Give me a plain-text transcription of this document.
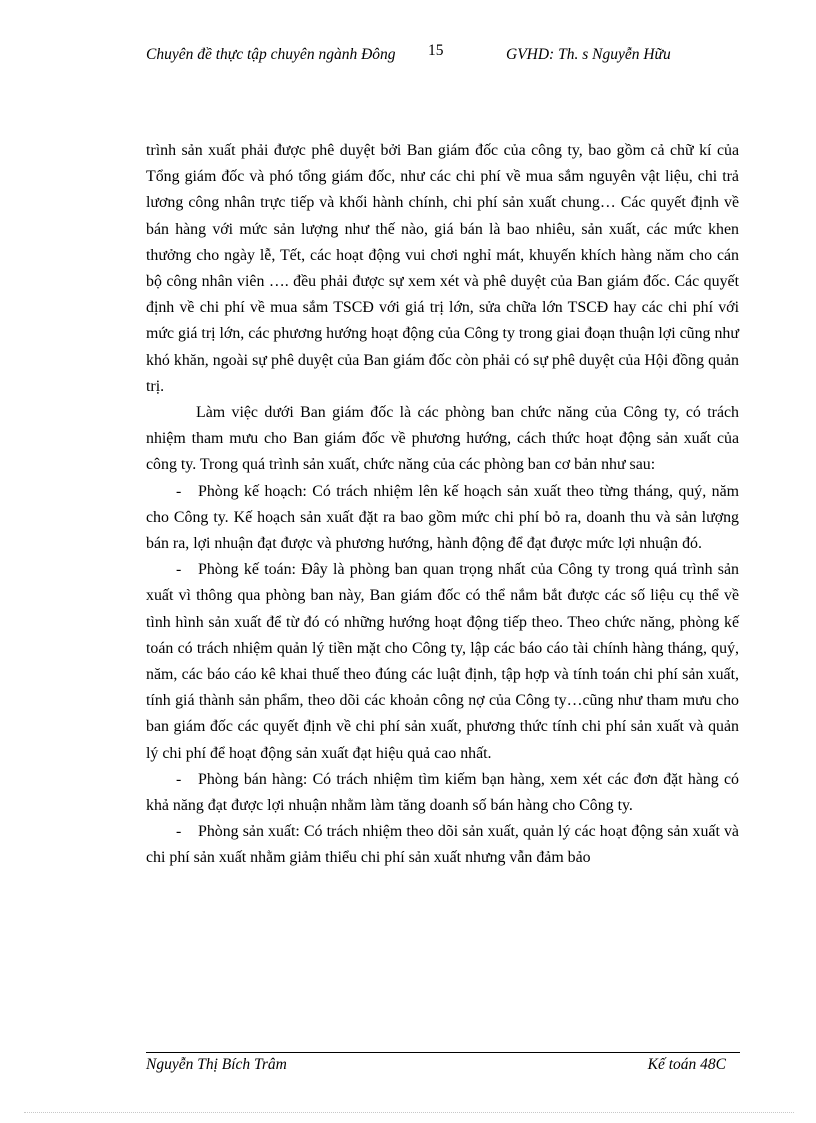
Chuyên đề thực tập chuyên ngành Đông	15	GVHD: Th. s Nguyễn Hữu

trình sản xuất phải được phê duyệt bởi Ban giám đốc của công ty, bao gồm cả chữ kí của Tổng giám đốc và phó tổng giám đốc, như các chi phí về mua sắm nguyên vật liệu, chi trả lương công nhân trực tiếp và khối hành chính, chi phí sản xuất chung… Các quyết định về bán hàng với mức sản lượng như thế nào, giá bán là bao nhiêu, sản xuất, các mức khen thưởng cho ngày lễ, Tết, các hoạt động vui chơi nghỉ mát, khuyến khích hàng năm cho cán bộ công nhân viên …. đều phải được sự xem xét và phê duyệt của Ban giám đốc. Các quyết định về chi phí về mua sắm TSCĐ với giá trị lớn, sửa chữa lớn TSCĐ hay các chi phí với mức giá trị lớn, các phương hướng hoạt động của Công ty trong giai đoạn thuận lợi cũng như khó khăn, ngoài sự phê duyệt của Ban giám đốc còn phải có sự phê duyệt của Hội đồng quản trị.

Làm việc dưới Ban giám đốc là các phòng ban chức năng của Công ty, có trách nhiệm tham mưu cho Ban giám đốc về phương hướng, cách thức hoạt động sản xuất của công ty. Trong quá trình sản xuất, chức năng của các phòng ban cơ bản như sau:

- Phòng kế hoạch: Có trách nhiệm lên kế hoạch sản xuất theo từng tháng, quý, năm cho Công ty. Kế hoạch sản xuất đặt ra bao gồm mức chi phí bỏ ra, doanh thu và sản lượng bán ra, lợi nhuận đạt được và phương hướng, hành động để đạt được mức lợi nhuận đó.

- Phòng kế toán: Đây là phòng ban quan trọng nhất của Công ty trong quá trình sản xuất vì thông qua phòng ban này, Ban giám đốc có thể nắm bắt được các số liệu cụ thể về tình hình sản xuất để từ đó có những hướng hoạt động tiếp theo. Theo chức năng, phòng kế toán có trách nhiệm quản lý tiền mặt cho Công ty, lập các báo cáo tài chính hàng tháng, quý, năm, các báo cáo kê khai thuế theo đúng các luật định, tập hợp và tính toán chi phí sản xuất, tính giá thành sản phẩm, theo dõi các khoản công nợ của Công ty…cũng như tham mưu cho ban giám đốc các quyết định về chi phí sản xuất, phương thức tính chi phí sản xuất và quản lý chi phí để hoạt động sản xuất đạt hiệu quả cao nhất.

- Phòng bán hàng: Có trách nhiệm tìm kiếm bạn hàng, xem xét các đơn đặt hàng có khả năng đạt được lợi nhuận nhằm làm tăng doanh số bán hàng cho Công ty.

- Phòng sản xuất: Có trách nhiệm theo dõi sản xuất, quản lý các hoạt động sản xuất và chi phí sản xuất nhằm giảm thiểu chi phí sản xuất nhưng vẫn đảm bảo

Nguyễn Thị Bích Trâm	Kế toán 48C
